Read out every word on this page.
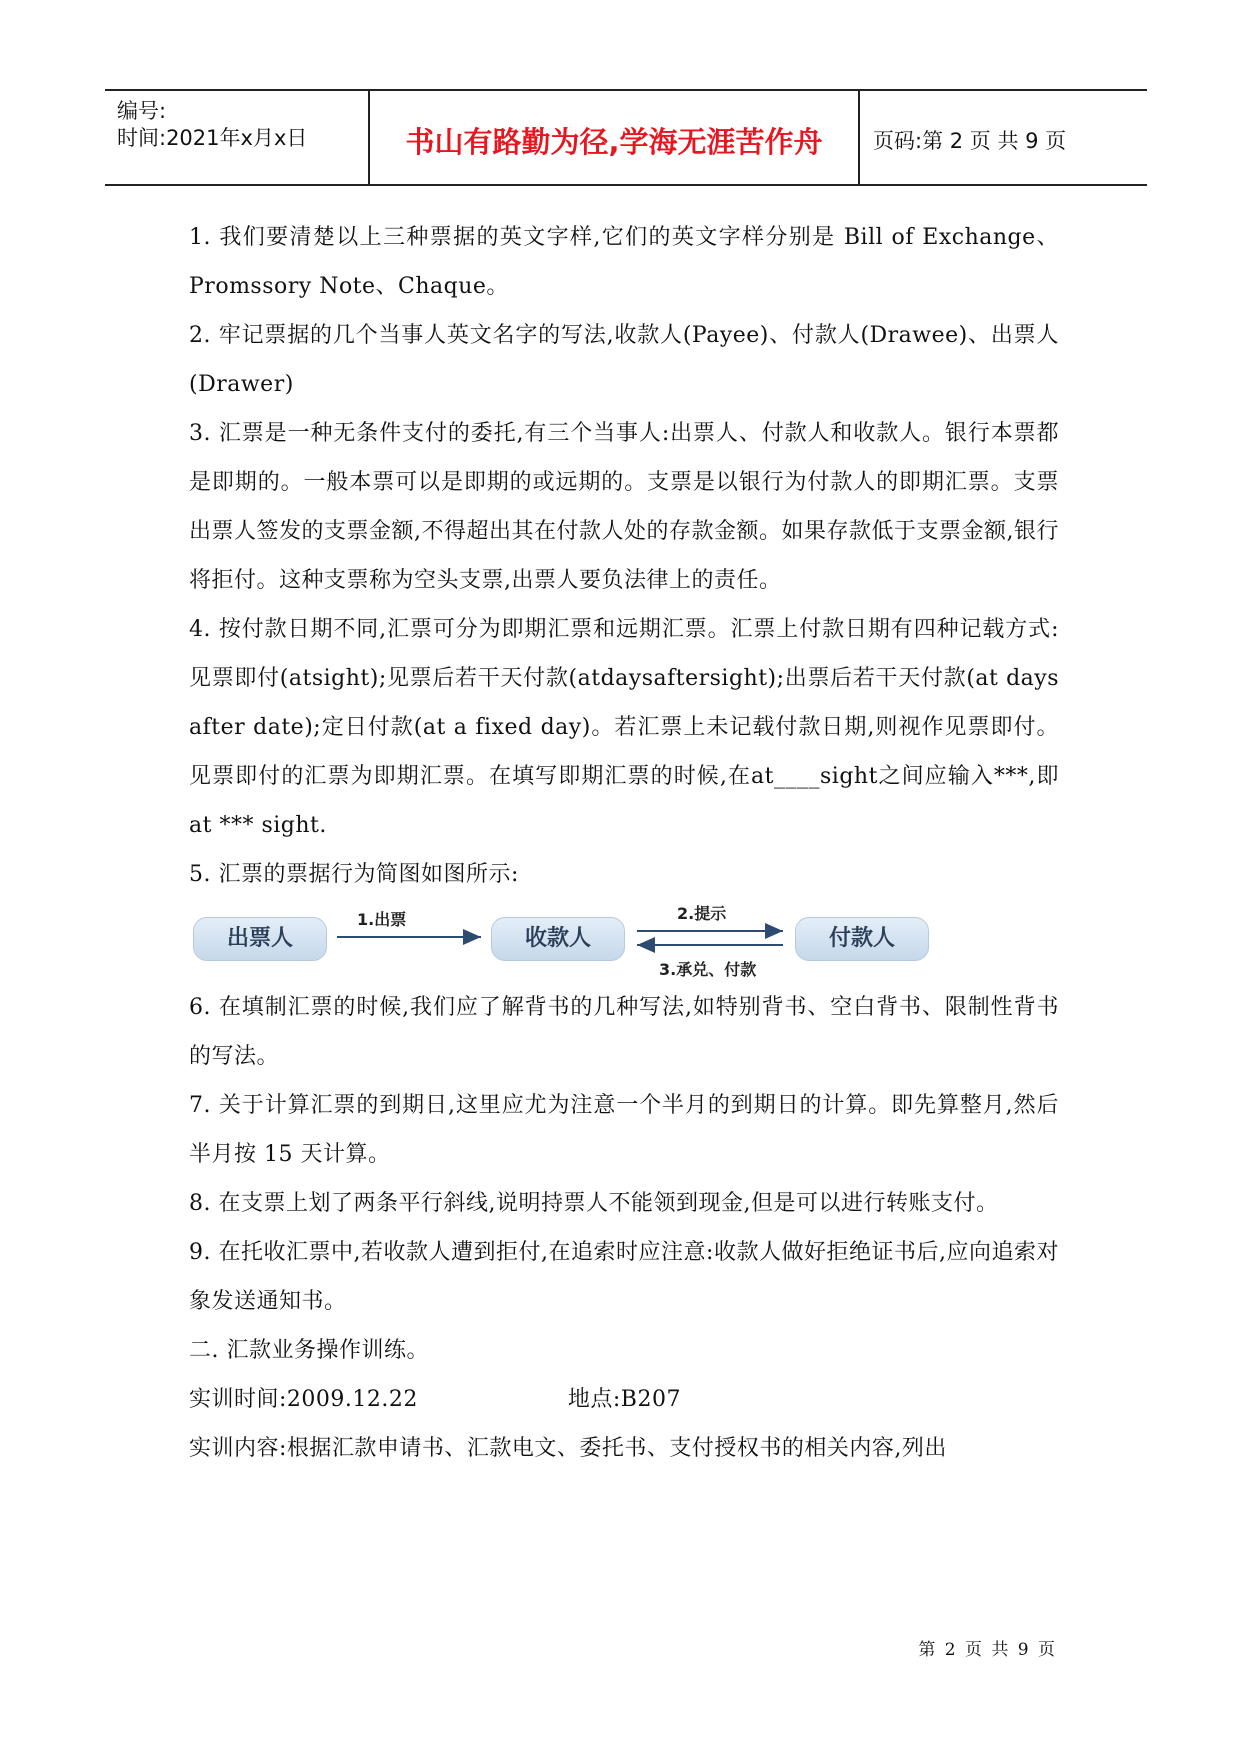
编号:
时间:2021年x月x日	书山有路勤为径,学海无涯苦作舟	页码:第 2 页 共 9 页

1. 我们要清楚以上三种票据的英文字样,它们的英文字样分别是 Bill of Exchange、Promssory Note、Chaque。

2. 牢记票据的几个当事人英文名字的写法,收款人(Payee)、付款人(Drawee)、出票人(Drawer)

3. 汇票是一种无条件支付的委托,有三个当事人:出票人、付款人和收款人。银行本票都是即期的。一般本票可以是即期的或远期的。支票是以银行为付款人的即期汇票。支票出票人签发的支票金额,不得超出其在付款人处的存款金额。如果存款低于支票金额,银行将拒付。这种支票称为空头支票,出票人要负法律上的责任。

4. 按付款日期不同,汇票可分为即期汇票和远期汇票。汇票上付款日期有四种记载方式:见票即付(atsight);见票后若干天付款(atdaysaftersight);出票后若干天付款(at days after date);定日付款(at a fixed day)。若汇票上未记载付款日期,则视作见票即付。见票即付的汇票为即期汇票。在填写即期汇票的时候,在at____sight之间应输入***,即 at *** sight.

5. 汇票的票据行为简图如图所示:

出票人
1.出票
收款人
2.提示
3.承兑、付款
付款人

6. 在填制汇票的时候,我们应了解背书的几种写法,如特别背书、空白背书、限制性背书的写法。

7. 关于计算汇票的到期日,这里应尤为注意一个半月的到期日的计算。即先算整月,然后半月按 15 天计算。

8. 在支票上划了两条平行斜线,说明持票人不能领到现金,但是可以进行转账支付。

9. 在托收汇票中,若收款人遭到拒付,在追索时应注意:收款人做好拒绝证书后,应向追索对象发送通知书。

二. 汇款业务操作训练。

实训时间:2009.12.22	地点:B207

实训内容:根据汇款申请书、汇款电文、委托书、支付授权书的相关内容,列出

第 2 页 共 9 页
